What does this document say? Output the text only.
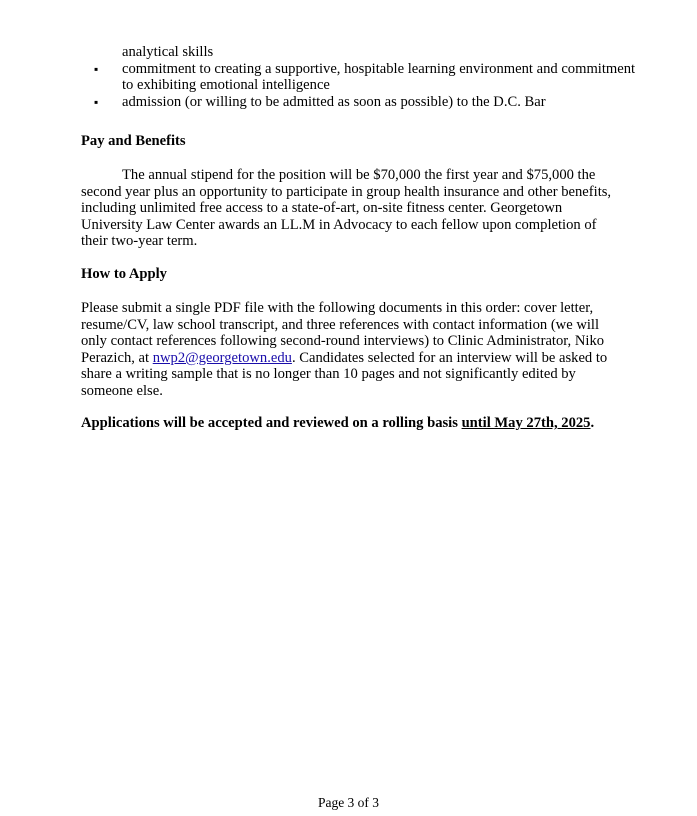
analytical skills
▪ commitment to creating a supportive, hospitable learning environment and commitment to exhibiting emotional intelligence
▪ admission (or willing to be admitted as soon as possible) to the D.C. Bar
Pay and Benefits

The annual stipend for the position will be $70,000 the first year and $75,000 the second year plus an opportunity to participate in group health insurance and other benefits, including unlimited free access to a state-of-art, on-site fitness center. Georgetown University Law Center awards an LL.M in Advocacy to each fellow upon completion of their two-year term.

How to Apply

Please submit a single PDF file with the following documents in this order: cover letter, resume/CV, law school transcript, and three references with contact information (we will only contact references following second-round interviews) to Clinic Administrator, Niko Perazich, at nwp2@georgetown.edu. Candidates selected for an interview will be asked to share a writing sample that is no longer than 10 pages and not significantly edited by someone else.

Applications will be accepted and reviewed on a rolling basis until May 27th, 2025.

Page 3 of 3
